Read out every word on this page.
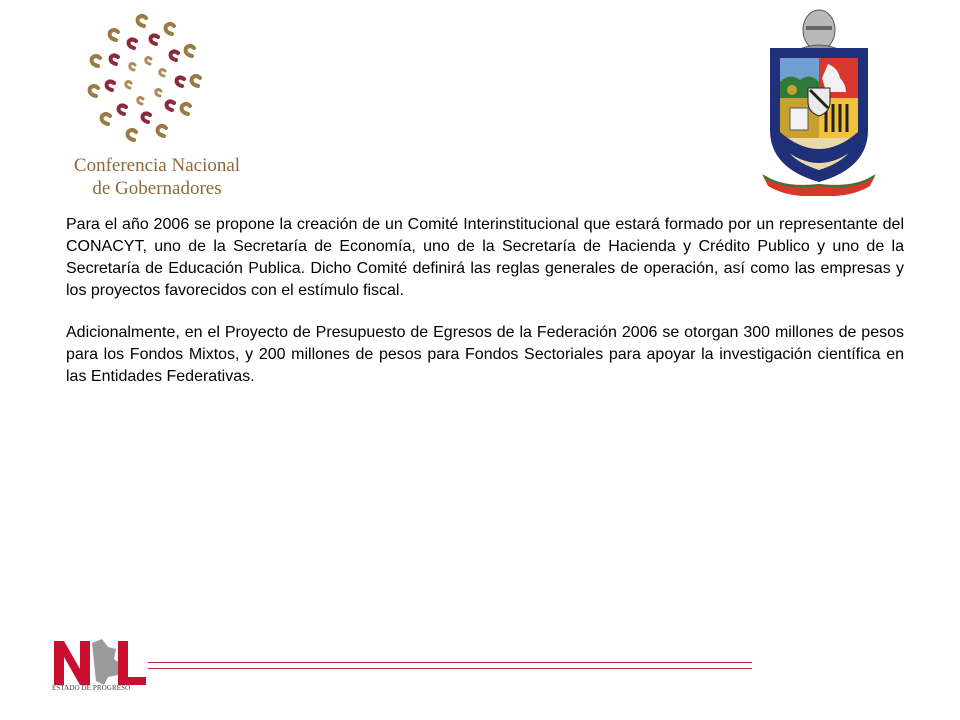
Conferencia Nacional
de Gobernadores

Para el año 2006 se propone la creación de un Comité Interinstitucional que estará formado por un representante del CONACYT, uno de la Secretaría de Economía, uno de la Secretaría de Hacienda y Crédito Publico y uno de la Secretaría de Educación Publica. Dicho Comité definirá las reglas generales de operación, así como las empresas y los proyectos favorecidos con el estímulo fiscal.

Adicionalmente, en el Proyecto de Presupuesto de Egresos de la Federación 2006 se otorgan 300 millones de pesos para los Fondos Mixtos, y 200 millones de pesos para Fondos Sectoriales para apoyar la investigación científica en las Entidades Federativas.

ESTADO DE PROGRESO
